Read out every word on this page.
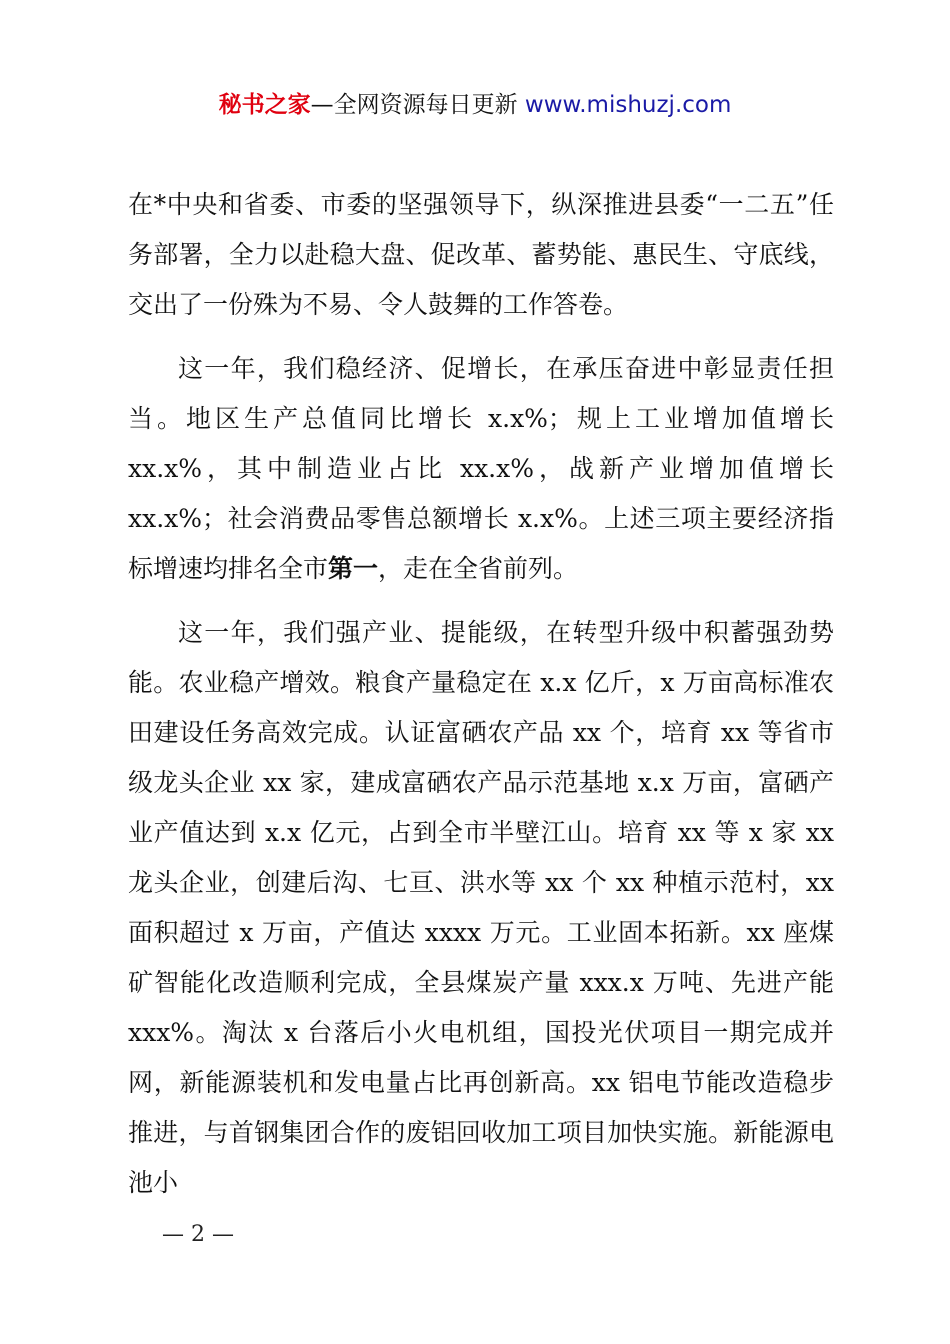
秘书之家—全网资源每日更新 www.mishuzj.com

在*中央和省委、市委的坚强领导下，纵深推进县委“一二五”任务部署，全力以赴稳大盘、促改革、蓄势能、惠民生、守底线，交出了一份殊为不易、令人鼓舞的工作答卷。

这一年，我们稳经济、促增长，在承压奋进中彰显责任担当。地区生产总值同比增长 x.x%；规上工业增加值增长 xx.x%，其中制造业占比 xx.x%，战新产业增加值增长 xx.x%；社会消费品零售总额增长 x.x%。上述三项主要经济指标增速均排名全市第一，走在全省前列。

这一年，我们强产业、提能级，在转型升级中积蓄强劲势能。农业稳产增效。粮食产量稳定在 x.x 亿斤，x 万亩高标准农田建设任务高效完成。认证富硒农产品 xx 个，培育 xx 等省市级龙头企业 xx 家，建成富硒农产品示范基地 x.x 万亩，富硒产业产值达到 x.x 亿元，占到全市半壁江山。培育 xx 等 x 家 xx 龙头企业，创建后沟、七亘、洪水等 xx 个 xx 种植示范村，xx 面积超过 x 万亩，产值达 xxxx 万元。工业固本拓新。xx 座煤矿智能化改造顺利完成，全县煤炭产量 xxx.x 万吨、先进产能 xxx%。淘汰 x 台落后小火电机组，国投光伏项目一期完成并网，新能源装机和发电量占比再创新高。xx 铝电节能改造稳步推进，与首钢集团合作的废铝回收加工项目加快实施。新能源电池小

— 2 —
